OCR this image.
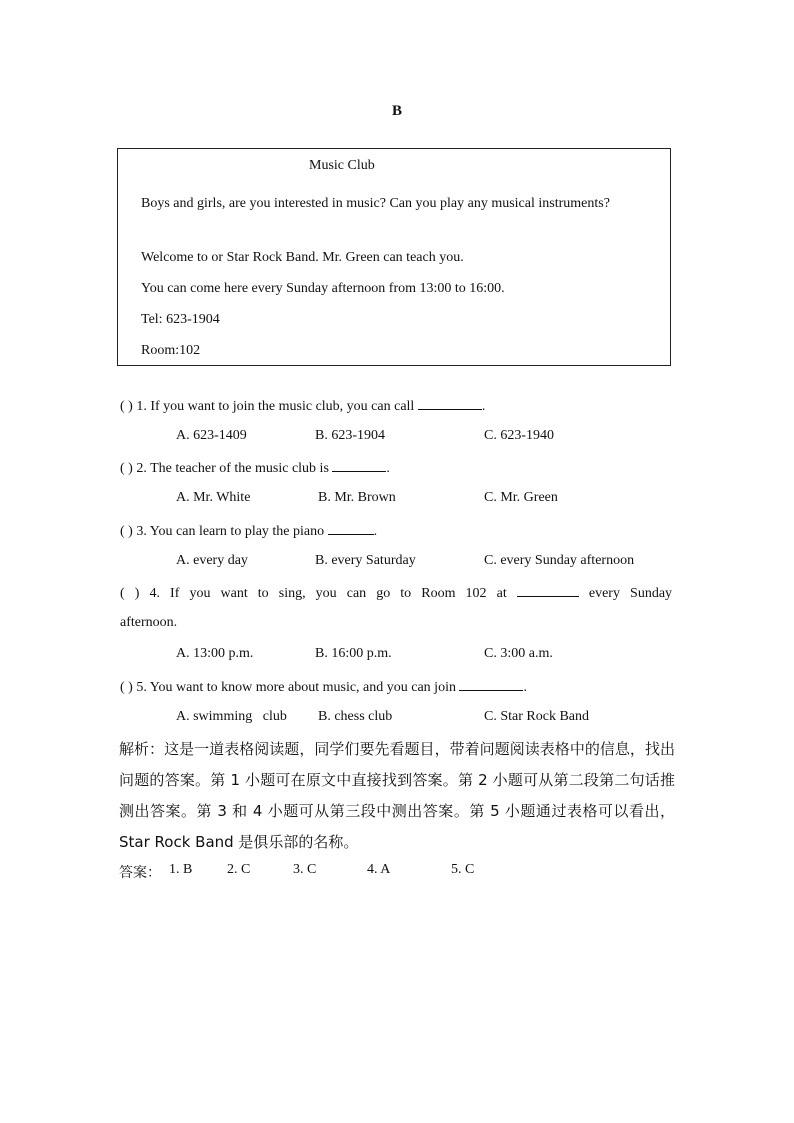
B
Music Club
Boys and girls, are you interested in music? Can you play any musical instruments?
Welcome to or Star Rock Band. Mr. Green can teach you.
You can come here every Sunday afternoon from 13:00 to 16:00.
Tel: 623-1904
Room:102
( ) 1. If you want to join the music club, you can call	.
A. 623-1409	B. 623-1904	C. 623-1940
( ) 2. The teacher of the music club is	.
A. Mr. White	B. Mr. Brown	C. Mr. Green
( ) 3. You can learn to play the piano	.
A. every day	B. every Saturday	C. every Sunday afternoon
( ) 4. If you want to sing, you can go to Room 102 at	every Sunday
afternoon.
A. 13:00 p.m.	B. 16:00 p.m.	C. 3:00 a.m.
( ) 5. You want to know more about music, and you can join	.
A. swimming   club B. chess club	C. Star Rock Band
解析：这是一道表格阅读题，同学们要先看题目，带着问题阅读表格中的信息，找出问题的答案。第 1 小题可在原文中直接找到答案。第 2 小题可从第二段第二句话推测出答案。第 3 和 4 小题可从第三段中测出答案。第 5 小题通过表格可以看出，Star Rock Band 是俱乐部的名称。
答案： 1. B 2. C	3. C	4. A	5. C
